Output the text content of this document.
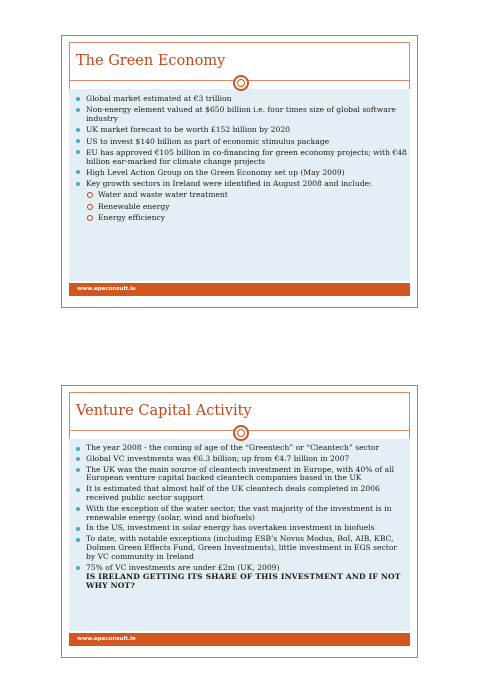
The Green Economy
Global market estimated at €3 trillion
Non-energy element valued at $650 billion i.e. four times size of global software industry
UK market forecast to be worth £152 billion by 2020
US to invest $140 billion as part of economic stimulus package
EU has approved €105 billion in co-financing for green economy projects; with €48 billion ear-marked for climate change projects
High Level Action Group on the Green Economy set up (May 2009)
Key growth sectors in Ireland were identified in August 2008 and include:
Water and waste water treatment
Renewable energy
Energy efficiency
www.epeconsult.ie
Venture Capital Activity
The year 2008 - the coming of age of the “Greentech” or “Cleantech” sector
Global VC investments was €6.3 billion; up from €4.7 billion in 2007
The UK was the main source of cleantech investment in Europe, with 40% of all European venture capital backed cleantech companies based in the UK
It is estimated that almost half of the UK cleantech deals completed in 2006 received public sector support
With the exception of the water sector, the vast majority of the investment is in renewable energy (solar, wind and biofuels)
In the US, investment in solar energy has overtaken investment in biofuels
To date, with notable exceptions (including ESB’s Novus Modus, BoI, AIB, KBC, Dolmen Green Effects Fund, Green Investments), little investment in EGS sector by VC community in Ireland
75% of VC investments are under £2m (UK, 2009)
IS IRELAND GETTING ITS SHARE OF THIS INVESTMENT AND IF NOT WHY NOT?
www.epeconsult.ie
